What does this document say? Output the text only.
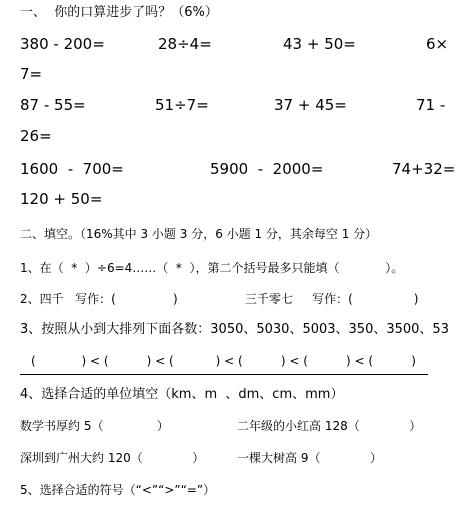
一、  你的口算进步了吗？（6%）
380 - 200=	28÷4=	43 + 50=	6×
7=
87 - 55=	51÷7=	37 + 45=	71 -
26=
1600  -  700=	5900  -  2000=	74+32=
120 + 50=
二、填空。（16%其中 3 小题 3 分，6 小题 1 分，其余每空 1 分）
1、在（  *  ）÷6=4……（  *  ），第二个括号最多只能填（            ）。
2、四千   写作：(               )	三千零七     写作：(                )
3、按照从小到大排列下面各数：3050、5030、5003、350、3500、53
(            ) < (          ) < (           ) < (          ) < (          ) < (          )
4、选择合适的单位填空（km、m  、dm、cm、mm）
数学书厚约 5（              ）	二年级的小红高 128（             ）
深圳到广州大约 120（             ）	一棵大树高 9（             ）
5、选择合适的符号（“<”“>”“=”）
